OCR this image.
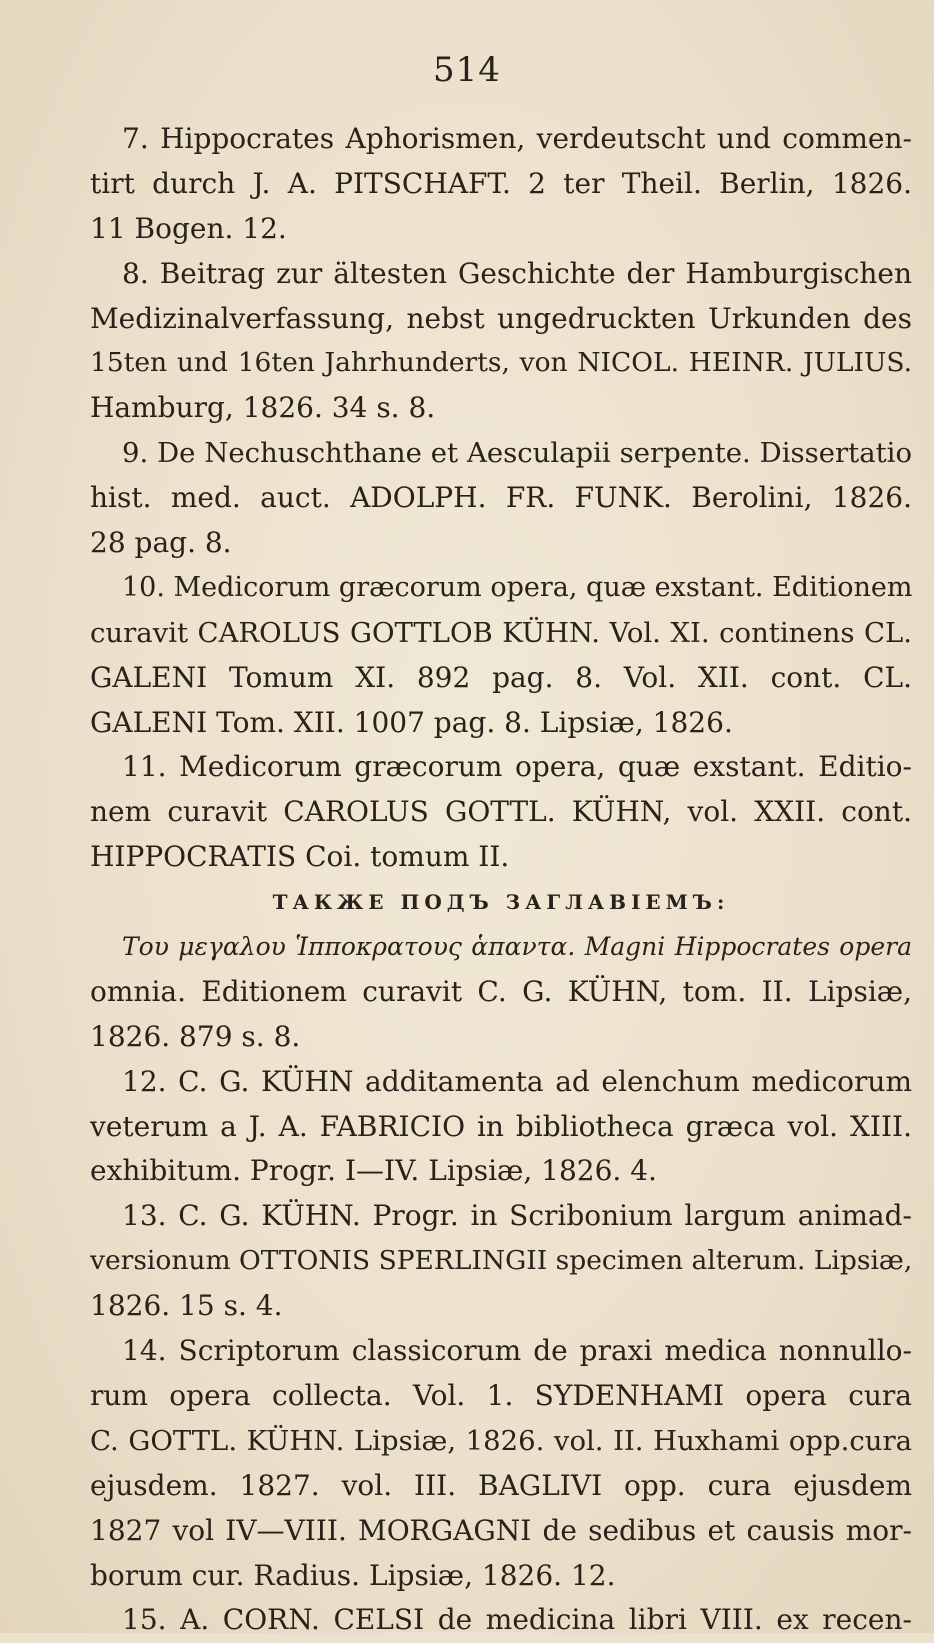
514
7. Hippocrates Aphorismen, verdeutscht und commen-
tirt durch J. A. PITSCHAFT. 2 ter Theil. Berlin, 1826.
11 Bogen. 12.
8. Beitrag zur ältesten Geschichte der Hamburgischen
Medizinalverfassung, nebst ungedruckten Urkunden des
15ten und 16ten Jahrhunderts, von NICOL. HEINR. JULIUS.
Hamburg, 1826. 34 s. 8.
9. De Nechuschthane et Aesculapii serpente. Dissertatio
hist. med. auct. ADOLPH. FR. FUNK. Berolini, 1826.
28 pag. 8.
10. Medicorum græcorum opera, quæ exstant. Editionem
curavit CAROLUS GOTTLOB KÜHN. Vol. XI. continens CL.
GALENI Tomum XI. 892 pag. 8. Vol. XII. cont. CL.
GALENI Tom. XII. 1007 pag. 8. Lipsiæ, 1826.
11. Medicorum græcorum opera, quæ exstant. Editio-
nem curavit CAROLUS GOTTL. KÜHN, vol. XXII. cont.
HIPPOCRATIS Coi. tomum II.
ТАКЖЕ ПОДЪ ЗАГЛАВІЕМЪ:
Του μεγαλου Ἱπποκρατους ἁπαντα. Magni Hippocrates opera
omnia. Editionem curavit C. G. KÜHN, tom. II. Lipsiæ,
1826. 879 s. 8.
12. C. G. KÜHN additamenta ad elenchum medicorum
veterum a J. A. FABRICIO in bibliotheca græca vol. XIII.
exhibitum. Progr. I—IV. Lipsiæ, 1826. 4.
13. C. G. KÜHN. Progr. in Scribonium largum animad-
versionum OTTONIS SPERLINGII specimen alterum. Lipsiæ,
1826. 15 s. 4.
14. Scriptorum classicorum de praxi medica nonnullo-
rum opera collecta. Vol. 1. SYDENHAMI opera cura
C. GOTTL. KÜHN. Lipsiæ, 1826. vol. II. Huxhami opp.cura
ejusdem. 1827. vol. III. BAGLIVI opp. cura ejusdem
1827 vol IV—VIII. MORGAGNI de sedibus et causis mor-
borum cur. Radius. Lipsiæ, 1826. 12.
15. A. CORN. CELSI de medicina libri VIII. ex recen-
